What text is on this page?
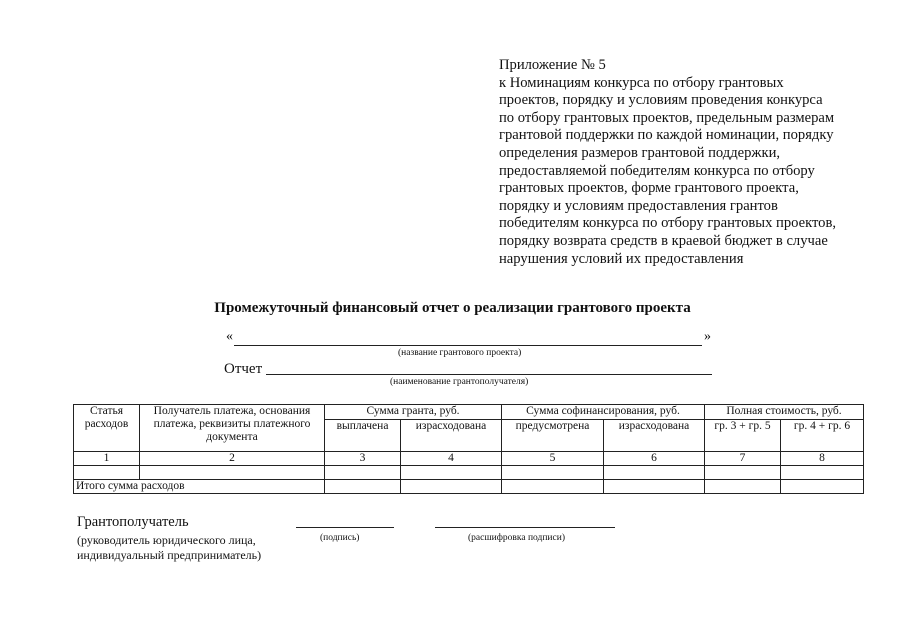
Приложение № 5
к Номинациям конкурса по отбору грантовых
проектов, порядку и условиям проведения конкурса
по отбору грантовых проектов, предельным размерам
грантовой поддержки по каждой номинации, порядку
определения размеров грантовой поддержки,
предоставляемой победителям конкурса по отбору
грантовых проектов, форме грантового проекта,
порядку и условиям предоставления грантов
победителям конкурса по отбору грантовых проектов,
порядку возврата средств в краевой бюджет в случае
нарушения условий их предоставления
Промежуточный финансовый отчет о реализации грантового проекта
«	»
(название грантового проекта)
Отчет
(наименование грантополучателя)
Статья расходов	Получатель платежа, основания платежа, реквизиты платежного документа	Сумма гранта, руб.		Сумма софинансирования, руб.		Полная стоимость, руб.	
		выплачена	израсходована	предусмотрена	израсходована	гр. 3 + гр. 5	гр. 4 + гр. 6
1	2	3	4	5	6	7	8

Итого сумма расходов							
Грантополучатель
(руководитель юридического лица,
индивидуальный предприниматель)
(подпись)	(расшифровка подписи)
